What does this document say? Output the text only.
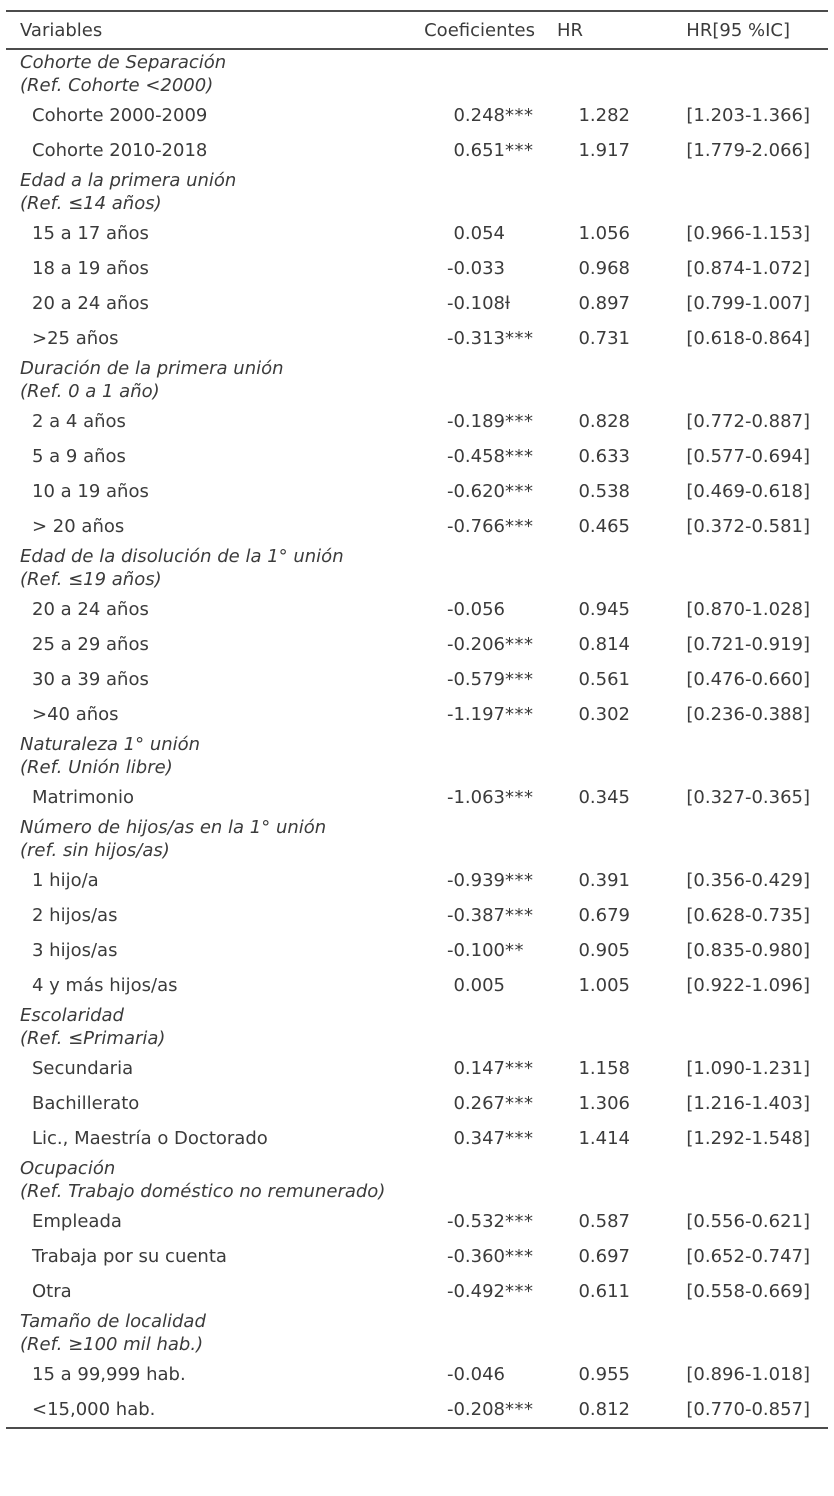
Variables	Coeficientes	HR	HR[95 %IC]
Cohorte de Separación
(Ref. Cohorte <2000)
Cohorte 2000-2009	0.248 ***	1.282	[1.203-1.366]
Cohorte 2010-2018	0.651 ***	1.917	[1.779-2.066]
Edad a la primera unión
(Ref. ≤14 años)
15 a 17 años	0.054	1.056	[0.966-1.153]
18 a 19 años	-0.033	0.968	[0.874-1.072]
20 a 24 años	-0.108 ƚ	0.897	[0.799-1.007]
>25 años	-0.313 ***	0.731	[0.618-0.864]
Duración de la primera unión
(Ref. 0 a 1 año)
2 a 4 años	-0.189 ***	0.828	[0.772-0.887]
5 a 9 años	-0.458 ***	0.633	[0.577-0.694]
10 a 19 años	-0.620 ***	0.538	[0.469-0.618]
> 20 años	-0.766 ***	0.465	[0.372-0.581]
Edad de la disolución de la 1° unión
(Ref. ≤19 años)
20 a 24 años	-0.056	0.945	[0.870-1.028]
25 a 29 años	-0.206 ***	0.814	[0.721-0.919]
30 a 39 años	-0.579 ***	0.561	[0.476-0.660]
>40 años	-1.197 ***	0.302	[0.236-0.388]
Naturaleza 1° unión
(Ref. Unión libre)
Matrimonio	-1.063 ***	0.345	[0.327-0.365]
Número de hijos/as en la 1° unión
(ref. sin hijos/as)
1 hijo/a	-0.939 ***	0.391	[0.356-0.429]
2 hijos/as	-0.387 ***	0.679	[0.628-0.735]
3 hijos/as	-0.100 **	0.905	[0.835-0.980]
4 y más hijos/as	0.005	1.005	[0.922-1.096]
Escolaridad
(Ref. ≤Primaria)
Secundaria	0.147 ***	1.158	[1.090-1.231]
Bachillerato	0.267 ***	1.306	[1.216-1.403]
Lic., Maestría o Doctorado	0.347 ***	1.414	[1.292-1.548]
Ocupación
(Ref. Trabajo doméstico no remunerado)
Empleada	-0.532 ***	0.587	[0.556-0.621]
Trabaja por su cuenta	-0.360 ***	0.697	[0.652-0.747]
Otra	-0.492 ***	0.611	[0.558-0.669]
Tamaño de localidad
(Ref. ≥100 mil hab.)
15 a 99,999 hab.	-0.046	0.955	[0.896-1.018]
<15,000 hab.	-0.208 ***	0.812	[0.770-0.857]
